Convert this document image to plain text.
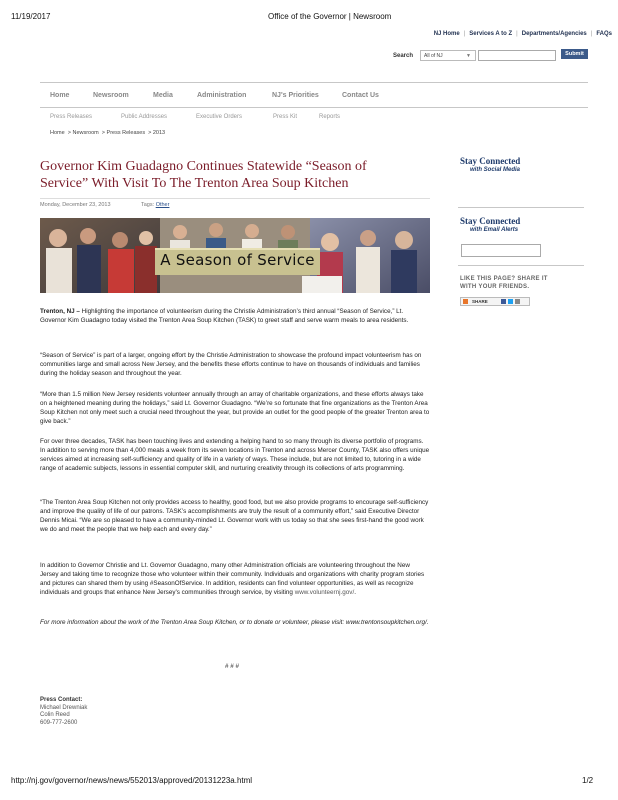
11/19/2017	Office of the Governor | Newsroom
NJ Home | Services A to Z | Departments/Agencies | FAQs
Search	All of NJ	▼	Submit
Home	Newsroom	Media	Administration	NJ's Priorities	Contact Us
Press Releases	Public Addresses	Executive Orders	Press Kit	Reports
Home  > Newsroom  > Press Releases  > 2013
Governor Kim Guadagno Continues Statewide “Season of Service” With Visit To The Trenton Area Soup Kitchen
Monday, December 23, 2013	Tags: Other
A Season of Service
Trenton, NJ – Highlighting the importance of volunteerism during the Christie Administration’s third annual “Season of Service,” Lt. Governor Kim Guadagno today visited the Trenton Area Soup Kitchen (TASK) to greet staff and serve warm meals to area residents.
“Season of Service” is part of a larger, ongoing effort by the Christie Administration to showcase the profound impact volunteerism has on communities large and small across New Jersey, and the benefits these efforts continue to have on thousands of individuals and families during the holiday season and throughout the year.
“More than 1.5 million New Jersey residents volunteer annually through an array of charitable organizations, and these efforts always take on a heightened meaning during the holidays,” said Lt. Governor Guadagno. “We’re so fortunate that fine organizations as the Trenton Area Soup Kitchen not only meet such a crucial need throughout the year, but provide an outlet for the good people of the greater Trenton area to give back.”
For over three decades, TASK has been touching lives and extending a helping hand to so many through its diverse portfolio of programs. In addition to serving more than 4,000 meals a week from its seven locations in Trenton and across Mercer County, TASK also offers unique services aimed at increasing self-sufficiency and quality of life in a variety of ways. These include, but are not limited to, tutoring in a wide range of academic subjects, lessons in essential computer skill, and nurturing creativity through its collections of arts programming.
“The Trenton Area Soup Kitchen not only provides access to healthy, good food, but we also provide programs to encourage self-sufficiency and improve the quality of life of our patrons. TASK’s accomplishments are truly the result of a community effort,” said Executive Director Dennis Micai. “We are so pleased to have a community-minded Lt. Governor work with us today so that she sees first-hand the good work we do and meet the people that we help each and every day.”
In addition to Governor Christie and Lt. Governor Guadagno, many other Administration officials are volunteering throughout the New Jersey and taking time to recognize those who volunteer within their community. Individuals and organizations with charity program stories and pictures can shared them by using #SeasonOfService. In addition, residents can find volunteer opportunities, as well as recognize individuals and groups that enhance New Jersey’s communities through service, by visiting www.volunteernj.gov/.
For more information about the work of the Trenton Area Soup Kitchen, or to donate or volunteer, please visit: www.trentonsoupkitchen.org/.
# # #
Press Contact:
Michael Drewniak
Colin Reed
609-777-2600
Stay Connected
with Social Media
Stay Connected
with Email Alerts
LIKE THIS PAGE? SHARE IT
WITH YOUR FRIENDS.
SHARE
http://nj.gov/governor/news/news/552013/approved/20131223a.html	1/2
